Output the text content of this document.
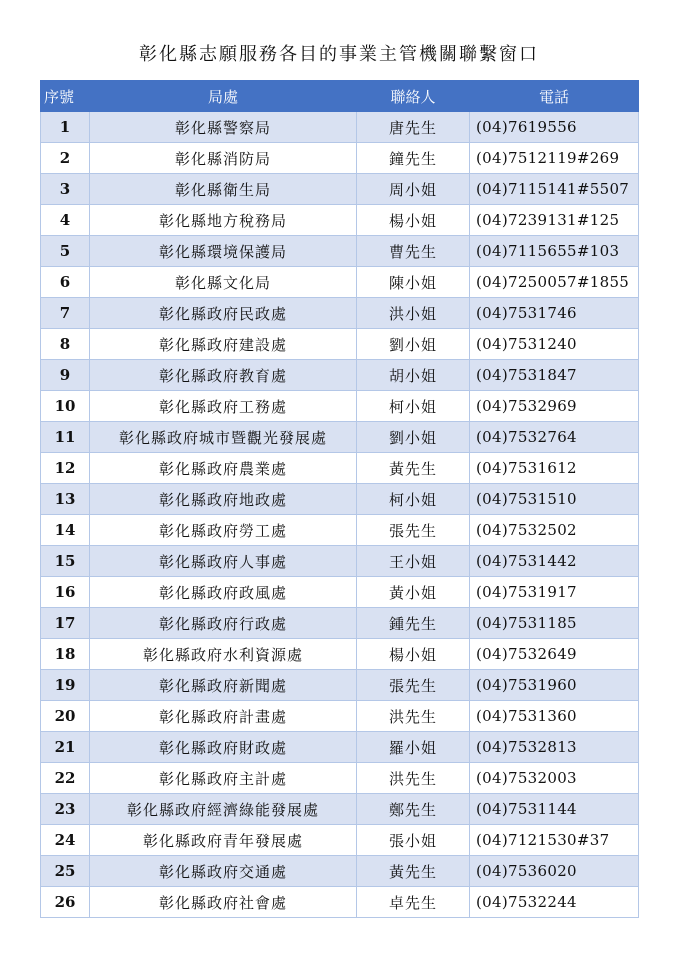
彰化縣志願服務各目的事業主管機關聯繫窗口
序號	局處	聯絡人	電話
1	彰化縣警察局	唐先生	(04)7619556
2	彰化縣消防局	鐘先生	(04)7512119#269
3	彰化縣衛生局	周小姐	(04)7115141#5507
4	彰化縣地方稅務局	楊小姐	(04)7239131#125
5	彰化縣環境保護局	曹先生	(04)7115655#103
6	彰化縣文化局	陳小姐	(04)7250057#1855
7	彰化縣政府民政處	洪小姐	(04)7531746
8	彰化縣政府建設處	劉小姐	(04)7531240
9	彰化縣政府教育處	胡小姐	(04)7531847
10	彰化縣政府工務處	柯小姐	(04)7532969
11	彰化縣政府城市暨觀光發展處	劉小姐	(04)7532764
12	彰化縣政府農業處	黃先生	(04)7531612
13	彰化縣政府地政處	柯小姐	(04)7531510
14	彰化縣政府勞工處	張先生	(04)7532502
15	彰化縣政府人事處	王小姐	(04)7531442
16	彰化縣政府政風處	黃小姐	(04)7531917
17	彰化縣政府行政處	鍾先生	(04)7531185
18	彰化縣政府水利資源處	楊小姐	(04)7532649
19	彰化縣政府新聞處	張先生	(04)7531960
20	彰化縣政府計畫處	洪先生	(04)7531360
21	彰化縣政府財政處	羅小姐	(04)7532813
22	彰化縣政府主計處	洪先生	(04)7532003
23	彰化縣政府經濟綠能發展處	鄭先生	(04)7531144
24	彰化縣政府青年發展處	張小姐	(04)7121530#37
25	彰化縣政府交通處	黃先生	(04)7536020
26	彰化縣政府社會處	卓先生	(04)7532244
